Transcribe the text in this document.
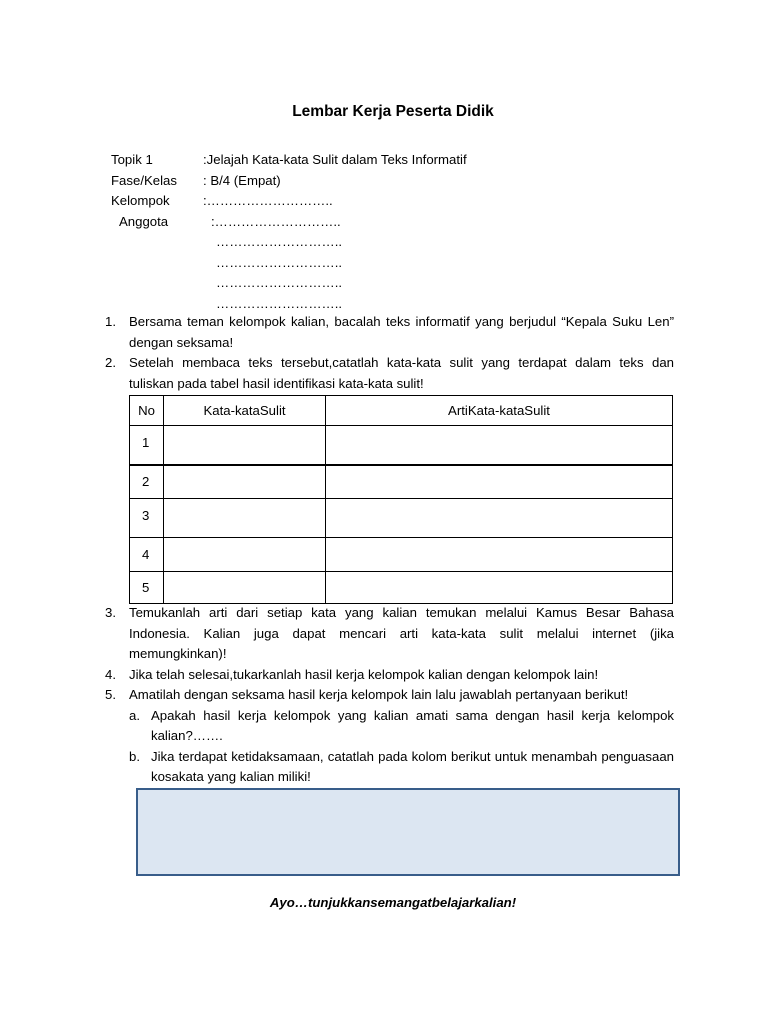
Lembar Kerja Peserta Didik
Topik 1	:Jelajah Kata-kata Sulit dalam Teks Informatif
Fase/Kelas : B/4 (Empat)
Kelompok	:………………………..
Anggota	:………………………..
………………………..
………………………..
………………………..
………………………..
1. Bersama teman kelompok kalian, bacalah teks informatif yang berjudul “Kepala Suku Len” dengan seksama!
2. Setelah membaca teks tersebut,catatlah kata-kata sulit yang terdapat dalam teks dan tuliskan pada tabel hasil identifikasi kata-kata sulit!
No	Kata-kataSulit	ArtiKata-kataSulit
1		
2		
3		
4		
5		
3. Temukanlah arti dari setiap kata yang kalian temukan melalui Kamus Besar Bahasa Indonesia. Kalian juga dapat mencari arti kata-kata sulit melalui internet (jika memungkinkan)!
4. Jika telah selesai,tukarkanlah hasil kerja kelompok kalian dengan kelompok lain!
5. Amatilah dengan seksama hasil kerja kelompok lain lalu jawablah pertanyaan berikut!
a. Apakah hasil kerja kelompok yang kalian amati sama dengan hasil kerja kelompok kalian?…….
b. Jika terdapat ketidaksamaan, catatlah pada kolom berikut untuk menambah penguasaan kosakata yang kalian miliki!
Ayo…tunjukkansemangatbelajarkalian!
